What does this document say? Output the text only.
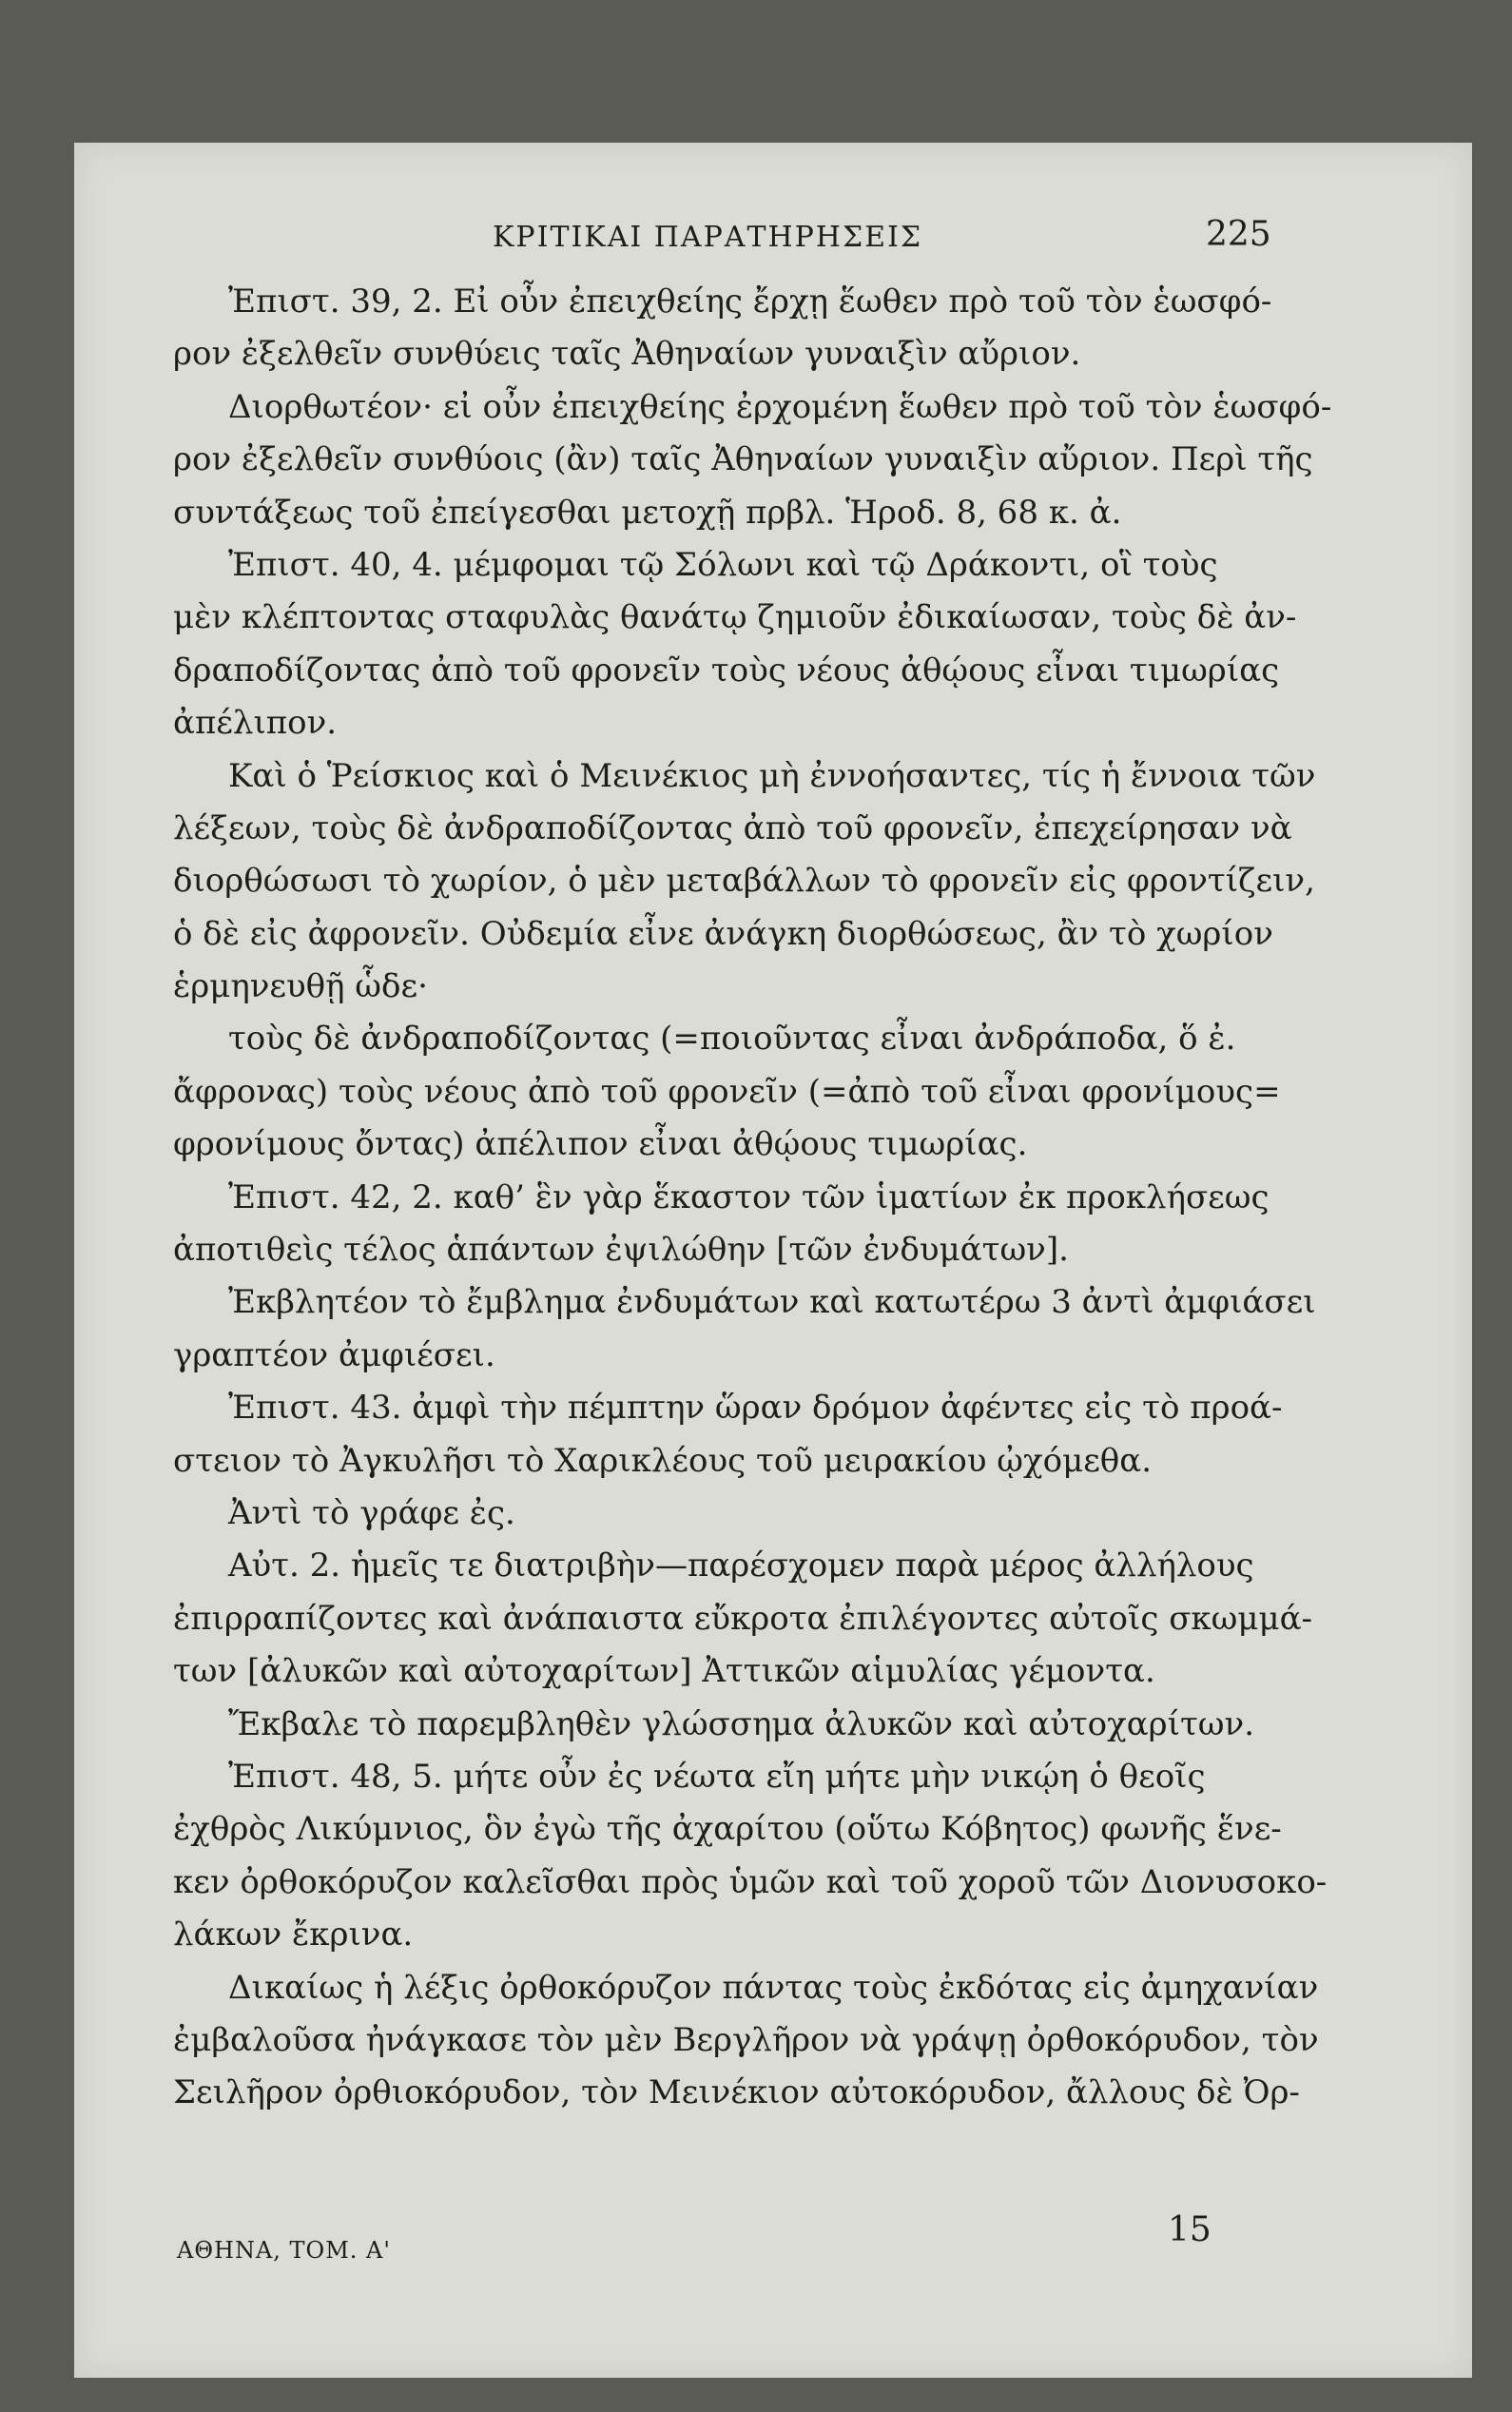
ΚΡΙΤΙΚΑΙ ΠΑΡΑΤΗΡΗΣΕΙΣ	225
Ἐπιστ. 39, 2. Εἰ οὖν ἐπειχθείης ἔρχῃ ἕωθεν πρὸ τοῦ τὸν ἑωσφό-
ρον ἐξελθεῖν συνθύεις ταῖς Ἀθηναίων γυναιξὶν αὔριον.
Διορθωτέον· εἰ οὖν ἐπειχθείης ἐρχομένη ἕωθεν πρὸ τοῦ τὸν ἑωσφό-
ρον ἐξελθεῖν συνθύοις (ἂν) ταῖς Ἀθηναίων γυναιξὶν αὔριον. Περὶ τῆς
συντάξεως τοῦ ἐπείγεσθαι μετοχῇ πρβλ. Ἡροδ. 8, 68 κ. ἀ.
Ἐπιστ. 40, 4. μέμφομαι τῷ Σόλωνι καὶ τῷ Δράκοντι, οἳ τοὺς
μὲν κλέπτοντας σταφυλὰς θανάτῳ ζημιοῦν ἐδικαίωσαν, τοὺς δὲ ἀν-
δραποδίζοντας ἀπὸ τοῦ φρονεῖν τοὺς νέους ἀθῴους εἶναι τιμωρίας
ἀπέλιπον.
Καὶ ὁ Ῥείσκιος καὶ ὁ Μεινέκιος μὴ ἐννοήσαντες, τίς ἡ ἔννοια τῶν
λέξεων, τοὺς δὲ ἀνδραποδίζοντας ἀπὸ τοῦ φρονεῖν, ἐπεχείρησαν νὰ
διορθώσωσι τὸ χωρίον, ὁ μὲν μεταβάλλων τὸ φρονεῖν εἰς φροντίζειν,
ὁ δὲ εἰς ἀφρονεῖν. Οὐδεμία εἶνε ἀνάγκη διορθώσεως, ἂν τὸ χωρίον
ἑρμηνευθῇ ὧδε·
τοὺς δὲ ἀνδραποδίζοντας (=ποιοῦντας εἶναι ἀνδράποδα, ὅ ἐ.
ἄφρονας) τοὺς νέους ἀπὸ τοῦ φρονεῖν (=ἀπὸ τοῦ εἶναι φρονίμους=
φρονίμους ὄντας) ἀπέλιπον εἶναι ἀθῴους τιμωρίας.
Ἐπιστ. 42, 2. καθ’ ἓν γὰρ ἕκαστον τῶν ἱματίων ἐκ προκλήσεως
ἀποτιθεὶς τέλος ἁπάντων ἐψιλώθην [τῶν ἐνδυμάτων].
Ἐκβλητέον τὸ ἔμβλημα ἐνδυμάτων καὶ κατωτέρω 3 ἀντὶ ἀμφιάσει
γραπτέον ἀμφιέσει.
Ἐπιστ. 43. ἀμφὶ τὴν πέμπτην ὥραν δρόμον ἀφέντες εἰς τὸ προά-
στειον τὸ Ἀγκυλῆσι τὸ Χαρικλέους τοῦ μειρακίου ᾠχόμεθα.
Ἀντὶ τὸ γράφε ἐς.
Αὐτ. 2. ἡμεῖς τε διατριβὴν—παρέσχομεν παρὰ μέρος ἀλλήλους
ἐπιρραπίζοντες καὶ ἀνάπαιστα εὔκροτα ἐπιλέγοντες αὐτοῖς σκωμμά-
των [ἀλυκῶν καὶ αὐτοχαρίτων] Ἀττικῶν αἱμυλίας γέμοντα.
Ἔκβαλε τὸ παρεμβληθὲν γλώσσημα ἀλυκῶν καὶ αὐτοχαρίτων.
Ἐπιστ. 48, 5. μήτε οὖν ἐς νέωτα εἴη μήτε μὴν νικῴη ὁ θεοῖς
ἐχθρὸς Λικύμνιος, ὃν ἐγὼ τῆς ἀχαρίτου (οὕτω Κόβητος) φωνῆς ἕνε-
κεν ὀρθοκόρυζον καλεῖσθαι πρὸς ὑμῶν καὶ τοῦ χοροῦ τῶν Διονυσοκο-
λάκων ἔκρινα.
Δικαίως ἡ λέξις ὀρθοκόρυζον πάντας τοὺς ἐκδότας εἰς ἀμηχανίαν
ἐμβαλοῦσα ἠνάγκασε τὸν μὲν Βεργλῆρον νὰ γράψῃ ὀρθοκόρυδον, τὸν
Σειλῆρον ὀρθιοκόρυδον, τὸν Μεινέκιον αὐτοκόρυδον, ἄλλους δὲ Ὀρ-
ΑΘΗΝΑ, ΤΟΜ. Α'
15
